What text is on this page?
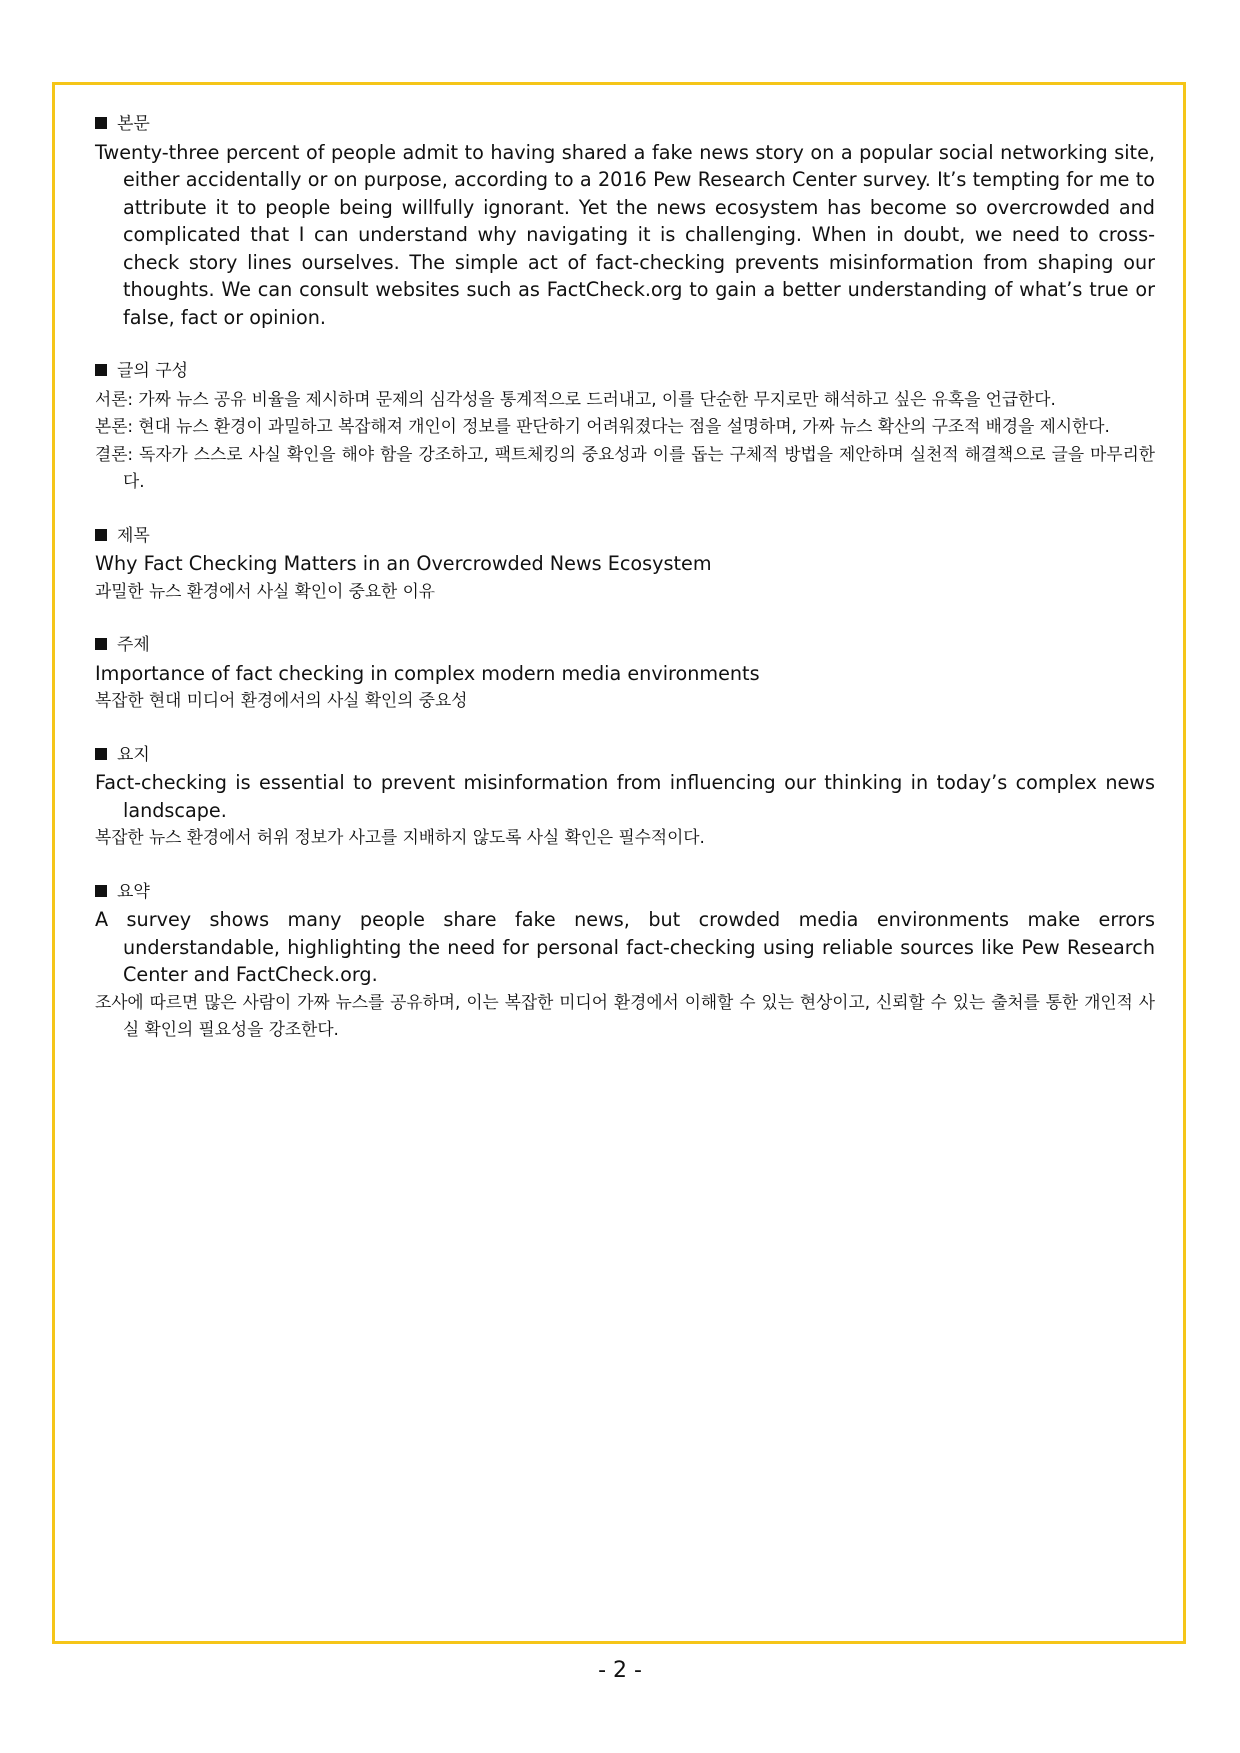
본문
Twenty-three percent of people admit to having shared a fake news story on a popular social networking site, either accidentally or on purpose, according to a 2016 Pew Research Center survey. It’s tempting for me to attribute it to people being willfully ignorant. Yet the news ecosystem has become so overcrowded and complicated that I can understand why navigating it is challenging. When in doubt, we need to cross-check story lines ourselves. The simple act of fact-checking prevents misinformation from shaping our thoughts. We can consult websites such as FactCheck.org to gain a better understanding of what’s true or false, fact or opinion.
글의 구성
서론: 가짜 뉴스 공유 비율을 제시하며 문제의 심각성을 통계적으로 드러내고, 이를 단순한 무지로만 해석하고 싶은 유혹을 언급한다.
본론: 현대 뉴스 환경이 과밀하고 복잡해져 개인이 정보를 판단하기 어려워졌다는 점을 설명하며, 가짜 뉴스 확산의 구조적 배경을 제시한다.
결론: 독자가 스스로 사실 확인을 해야 함을 강조하고, 팩트체킹의 중요성과 이를 돕는 구체적 방법을 제안하며 실천적 해결책으로 글을 마무리한다.
제목
Why Fact Checking Matters in an Overcrowded News Ecosystem
과밀한 뉴스 환경에서 사실 확인이 중요한 이유
주제
Importance of fact checking in complex modern media environments
복잡한 현대 미디어 환경에서의 사실 확인의 중요성
요지
Fact-checking is essential to prevent misinformation from influencing our thinking in today’s complex news landscape.
복잡한 뉴스 환경에서 허위 정보가 사고를 지배하지 않도록 사실 확인은 필수적이다.
요약
A survey shows many people share fake news, but crowded media environments make errors understandable, highlighting the need for personal fact-checking using reliable sources like Pew Research Center and FactCheck.org.
조사에 따르면 많은 사람이 가짜 뉴스를 공유하며, 이는 복잡한 미디어 환경에서 이해할 수 있는 현상이고, 신뢰할 수 있는 출처를 통한 개인적 사실 확인의 필요성을 강조한다.
- 2 -
